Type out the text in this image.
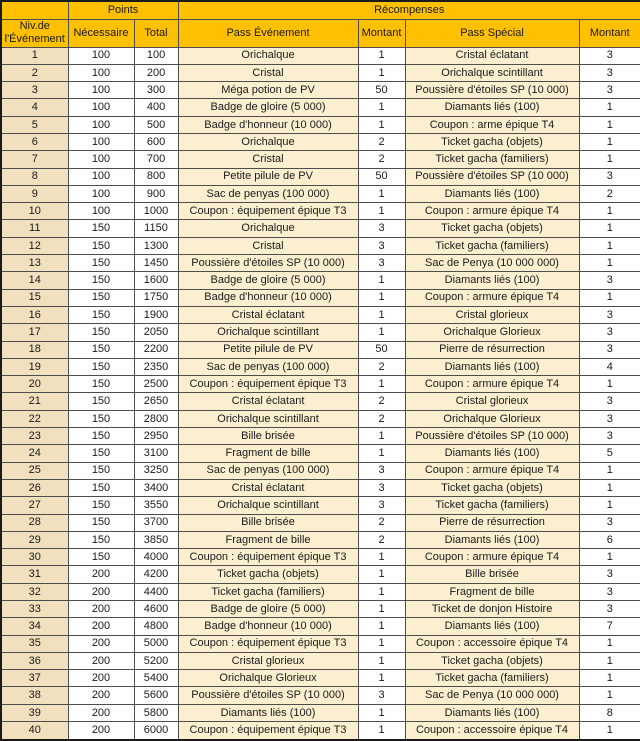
	Points		Récompenses			
Niv.de l'Événement	Nécessaire	Total	Pass Événement	Montant	Pass Spécial	Montant
1	100	100	Orichalque	1	Cristal éclatant	3
2	100	200	Cristal	1	Orichalque scintillant	3
3	100	300	Méga potion de PV	50	Poussière d'étoiles SP (10 000)	3
4	100	400	Badge de gloire (5 000)	1	Diamants liés (100)	1
5	100	500	Badge d'honneur (10 000)	1	Coupon : arme épique T4	1
6	100	600	Orichalque	2	Ticket gacha (objets)	1
7	100	700	Cristal	2	Ticket gacha (familiers)	1
8	100	800	Petite pilule de PV	50	Poussière d'étoiles SP (10 000)	3
9	100	900	Sac de penyas (100 000)	1	Diamants liés (100)	2
10	100	1000	Coupon : équipement épique T3	1	Coupon : armure épique T4	1
11	150	1150	Orichalque	3	Ticket gacha (objets)	1
12	150	1300	Cristal	3	Ticket gacha (familiers)	1
13	150	1450	Poussière d'étoiles SP (10 000)	3	Sac de Penya (10 000 000)	1
14	150	1600	Badge de gloire (5 000)	1	Diamants liés (100)	3
15	150	1750	Badge d'honneur (10 000)	1	Coupon : armure épique T4	1
16	150	1900	Cristal éclatant	1	Cristal glorieux	3
17	150	2050	Orichalque scintillant	1	Orichalque Glorieux	3
18	150	2200	Petite pilule de PV	50	Pierre de résurrection	3
19	150	2350	Sac de penyas (100 000)	2	Diamants liés (100)	4
20	150	2500	Coupon : équipement épique T3	1	Coupon : armure épique T4	1
21	150	2650	Cristal éclatant	2	Cristal glorieux	3
22	150	2800	Orichalque scintillant	2	Orichalque Glorieux	3
23	150	2950	Bille brisée	1	Poussière d'étoiles SP (10 000)	3
24	150	3100	Fragment de bille	1	Diamants liés (100)	5
25	150	3250	Sac de penyas (100 000)	3	Coupon : armure épique T4	1
26	150	3400	Cristal éclatant	3	Ticket gacha (objets)	1
27	150	3550	Orichalque scintillant	3	Ticket gacha (familiers)	1
28	150	3700	Bille brisée	2	Pierre de résurrection	3
29	150	3850	Fragment de bille	2	Diamants liés (100)	6
30	150	4000	Coupon : équipement épique T3	1	Coupon : armure épique T4	1
31	200	4200	Ticket gacha (objets)	1	Bille brisée	3
32	200	4400	Ticket gacha (familiers)	1	Fragment de bille	3
33	200	4600	Badge de gloire (5 000)	1	Ticket de donjon Histoire	3
34	200	4800	Badge d'honneur (10 000)	1	Diamants liés (100)	7
35	200	5000	Coupon : équipement épique T3	1	Coupon : accessoire épique T4	1
36	200	5200	Cristal glorieux	1	Ticket gacha (objets)	1
37	200	5400	Orichalque Glorieux	1	Ticket gacha (familiers)	1
38	200	5600	Poussière d'étoiles SP (10 000)	3	Sac de Penya (10 000 000)	1
39	200	5800	Diamants liés (100)	1	Diamants liés (100)	8
40	200	6000	Coupon : équipement épique T3	1	Coupon : accessoire épique T4	1
